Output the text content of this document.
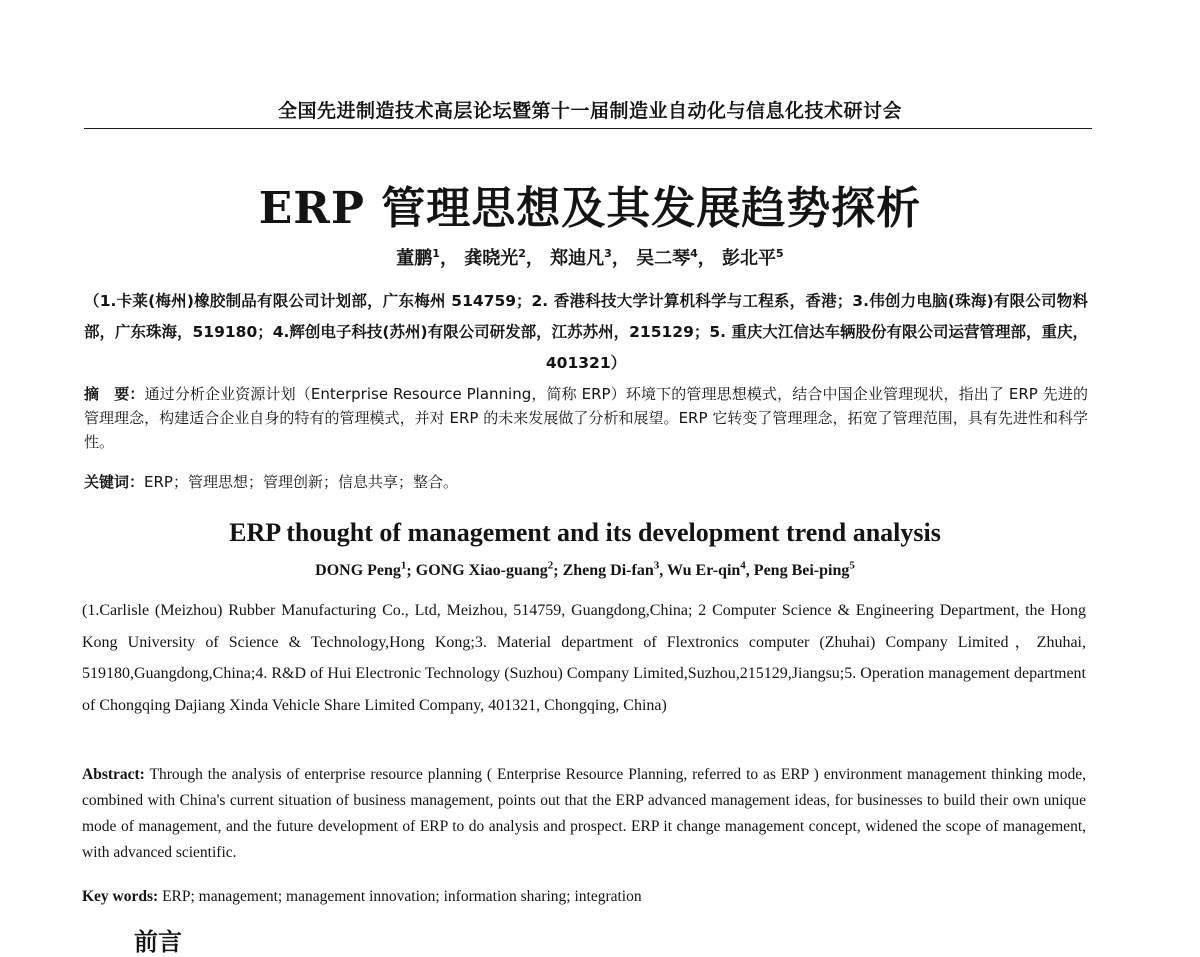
全国先进制造技术高层论坛暨第十一届制造业自动化与信息化技术研讨会
ERP 管理思想及其发展趋势探析
董鹏$^1$， 龚晓光$^2$， 郑迪凡$^3$， 吴二琴$^4$， 彭北平$^5$
（1.卡莱(梅州)橡胶制品有限公司计划部，广东梅州 514759；2. 香港科技大学计算机科学与工程系，香港；3.伟创力电脑(珠海)有限公司物料部，广东珠海，519180；4.辉创电子科技(苏州)有限公司研发部，江苏苏州，215129；5. 重庆大江信达车辆股份有限公司运营管理部，重庆，401321）
摘　要：通过分析企业资源计划（Enterprise Resource Planning，简称 ERP）环境下的管理思想模式，结合中国企业管理现状，指出了 ERP 先进的管理理念，构建适合企业自身的特有的管理模式，并对 ERP 的未来发展做了分析和展望。ERP 它转变了管理理念，拓宽了管理范围，具有先进性和科学性。
关键词：ERP；管理思想；管理创新；信息共享；整合。
ERP thought of management and its development trend analysis
DONG Peng$^1$; GONG Xiao-guang$^2$; Zheng Di-fan$^3$, Wu Er-qin$^4$, Peng Bei-ping$^5$
(1.Carlisle (Meizhou) Rubber Manufacturing Co., Ltd, Meizhou, 514759, Guangdong,China; 2 Computer Science & Engineering Department, the Hong Kong University of Science & Technology,Hong Kong;3. Material department of Flextronics computer (Zhuhai) Company Limited，Zhuhai, 519180,Guangdong,China;4. R&D of Hui Electronic Technology (Suzhou) Company Limited,Suzhou,215129,Jiangsu;5. Operation management department of Chongqing Dajiang Xinda Vehicle Share Limited Company, 401321, Chongqing, China)
Abstract: Through the analysis of enterprise resource planning ( Enterprise Resource Planning, referred to as ERP ) environment management thinking mode, combined with China's current situation of business management, points out that the ERP advanced management ideas, for businesses to build their own unique mode of management, and the future development of ERP to do analysis and prospect. ERP it change management concept, widened the scope of management, with advanced scientific.
Key words: ERP; management; management innovation; information sharing; integration
前言
